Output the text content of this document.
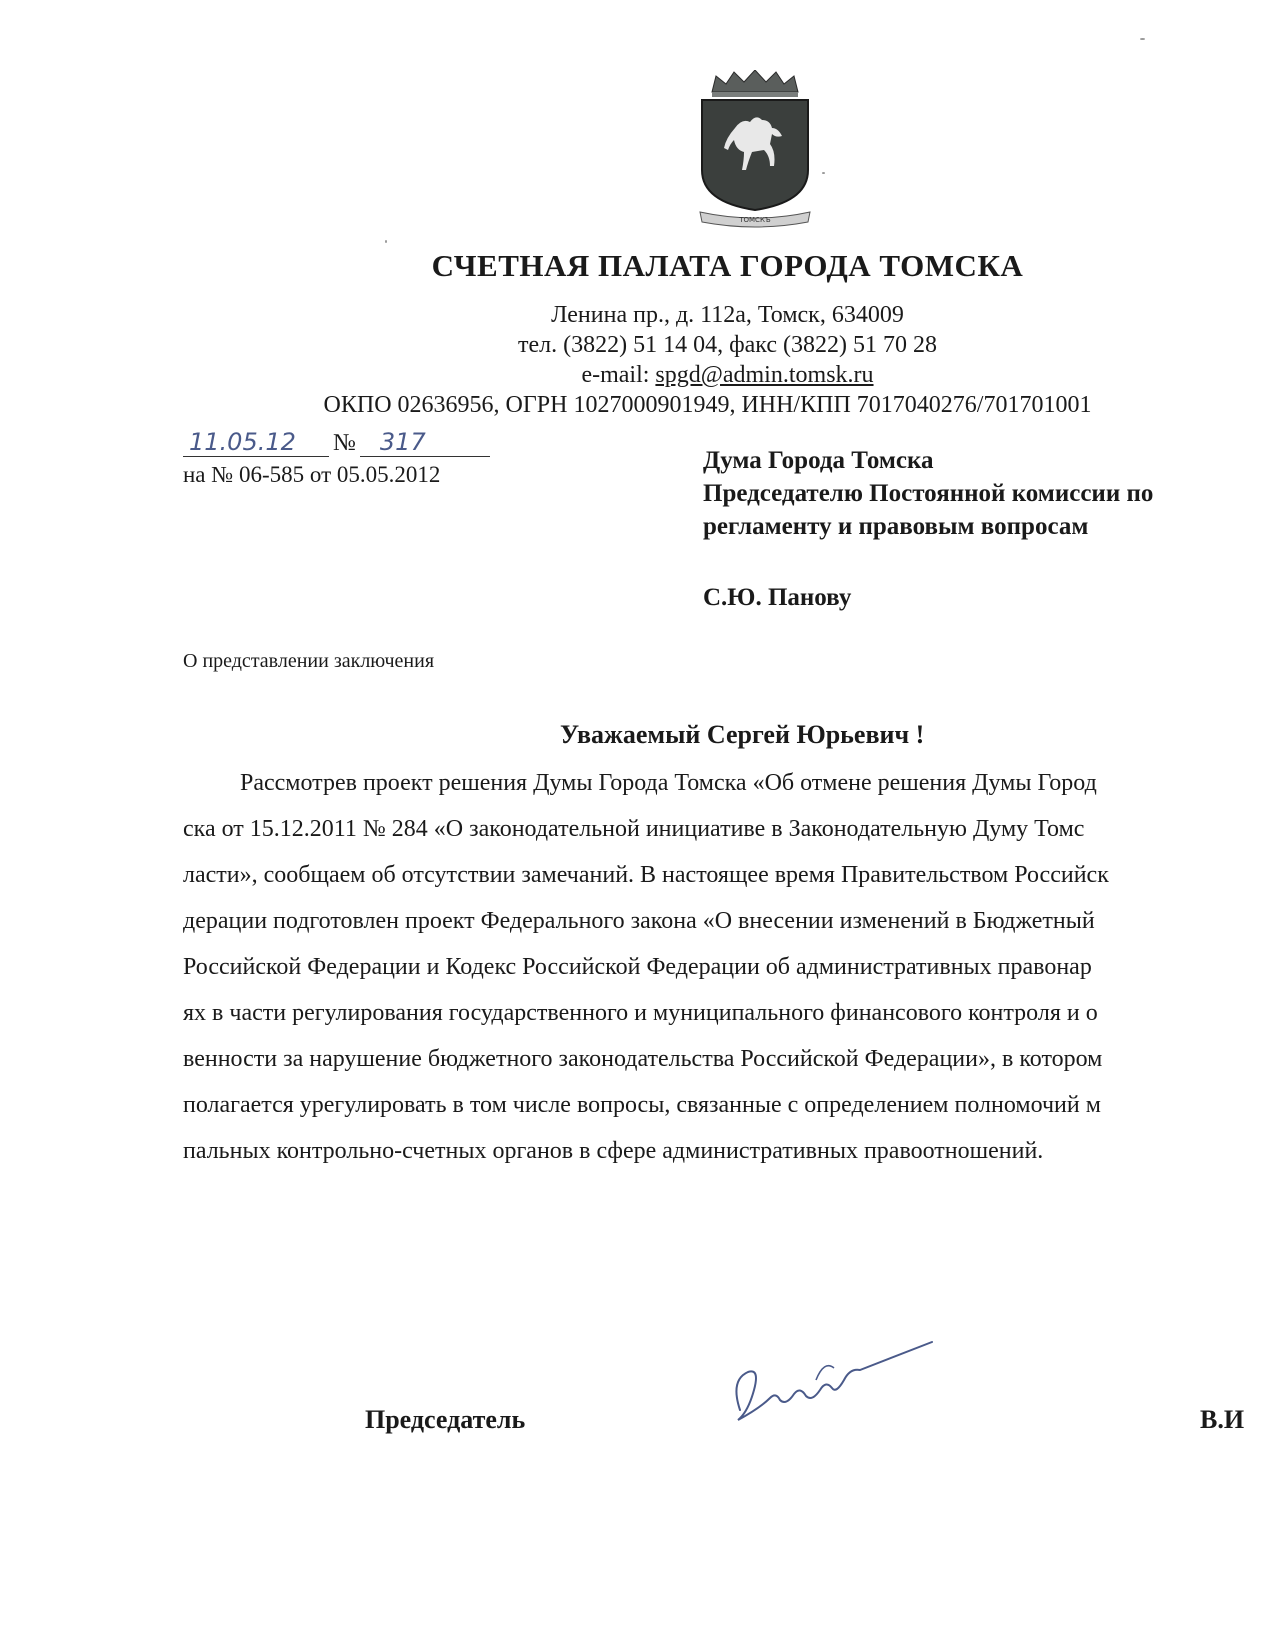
ТОМСКЪ
СЧЕТНАЯ ПАЛАТА ГОРОДА ТОМСКА
Ленина пр., д. 112а, Томск, 634009
тел. (3822) 51 14 04, факс (3822) 51 70 28
e-mail: spgd@admin.tomsk.ru
ОКПО 02636956, ОГРН 1027000901949, ИНН/КПП 7017040276/701701001
11.05.12 № 317
на № 06-585 от 05.05.2012
Дума Города Томска
Председателю Постоянной комиссии по регламенту и правовым вопросам
С.Ю. Панову
О представлении заключения
Уважаемый Сергей Юрьевич !
Рассмотрев проект решения Думы Города Томска «Об отмене решения Думы Город
ска от 15.12.2011 № 284 «О законодательной инициативе в Законодательную Думу Томс
ласти», сообщаем об отсутствии замечаний. В настоящее время Правительством Российск
дерации подготовлен проект Федерального закона «О внесении изменений в Бюджетный
Российской Федерации и Кодекс Российской Федерации об административных правонар
ях в части регулирования государственного и муниципального финансового контроля и о
венности за нарушение бюджетного законодательства Российской Федерации», в котором
полагается урегулировать в том числе вопросы, связанные с определением полномочий м
пальных контрольно-счетных органов в сфере административных правоотношений.
Председатель	В.И
